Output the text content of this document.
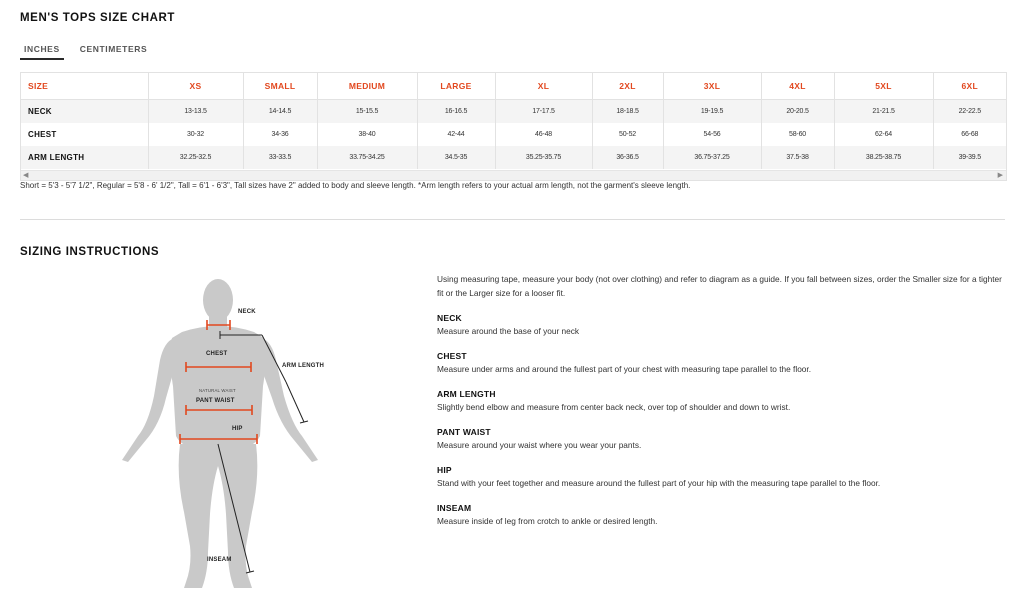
MEN'S TOPS SIZE CHART
INCHES	CENTIMETERS
SIZE	XS	SMALL	MEDIUM	LARGE	XL	2XL	3XL	4XL	5XL	6XL
NECK	13-13.5	14-14.5	15-15.5	16-16.5	17-17.5	18-18.5	19-19.5	20-20.5	21-21.5	22-22.5
CHEST	30-32	34-36	38-40	42-44	46-48	50-52	54-56	58-60	62-64	66-68
ARM LENGTH	32.25-32.5	33-33.5	33.75-34.25	34.5-35	35.25-35.75	36-36.5	36.75-37.25	37.5-38	38.25-38.75	39-39.5
◀	▶
Short = 5'3 - 5'7 1/2", Regular = 5'8 - 6' 1/2", Tall = 6'1 - 6'3", Tall sizes have 2" added to body and sleeve length. *Arm length refers to your actual arm length, not the garment's sleeve length.
SIZING INSTRUCTIONS
NECK
CHEST
ARM LENGTH
NATURAL WAIST
PANT WAIST
HIP
INSEAM

Using measuring tape, measure your body (not over clothing) and refer to diagram as a guide. If you fall between sizes, order the Smaller size for a tighter fit or the Larger size for a looser fit.

NECK
Measure around the base of your neck
CHEST
Measure under arms and around the fullest part of your chest with measuring tape parallel to the floor.
ARM LENGTH
Slightly bend elbow and measure from center back neck, over top of shoulder and down to wrist.
PANT WAIST
Measure around your waist where you wear your pants.
HIP
Stand with your feet together and measure around the fullest part of your hip with the measuring tape parallel to the floor.
INSEAM
Measure inside of leg from crotch to ankle or desired length.
